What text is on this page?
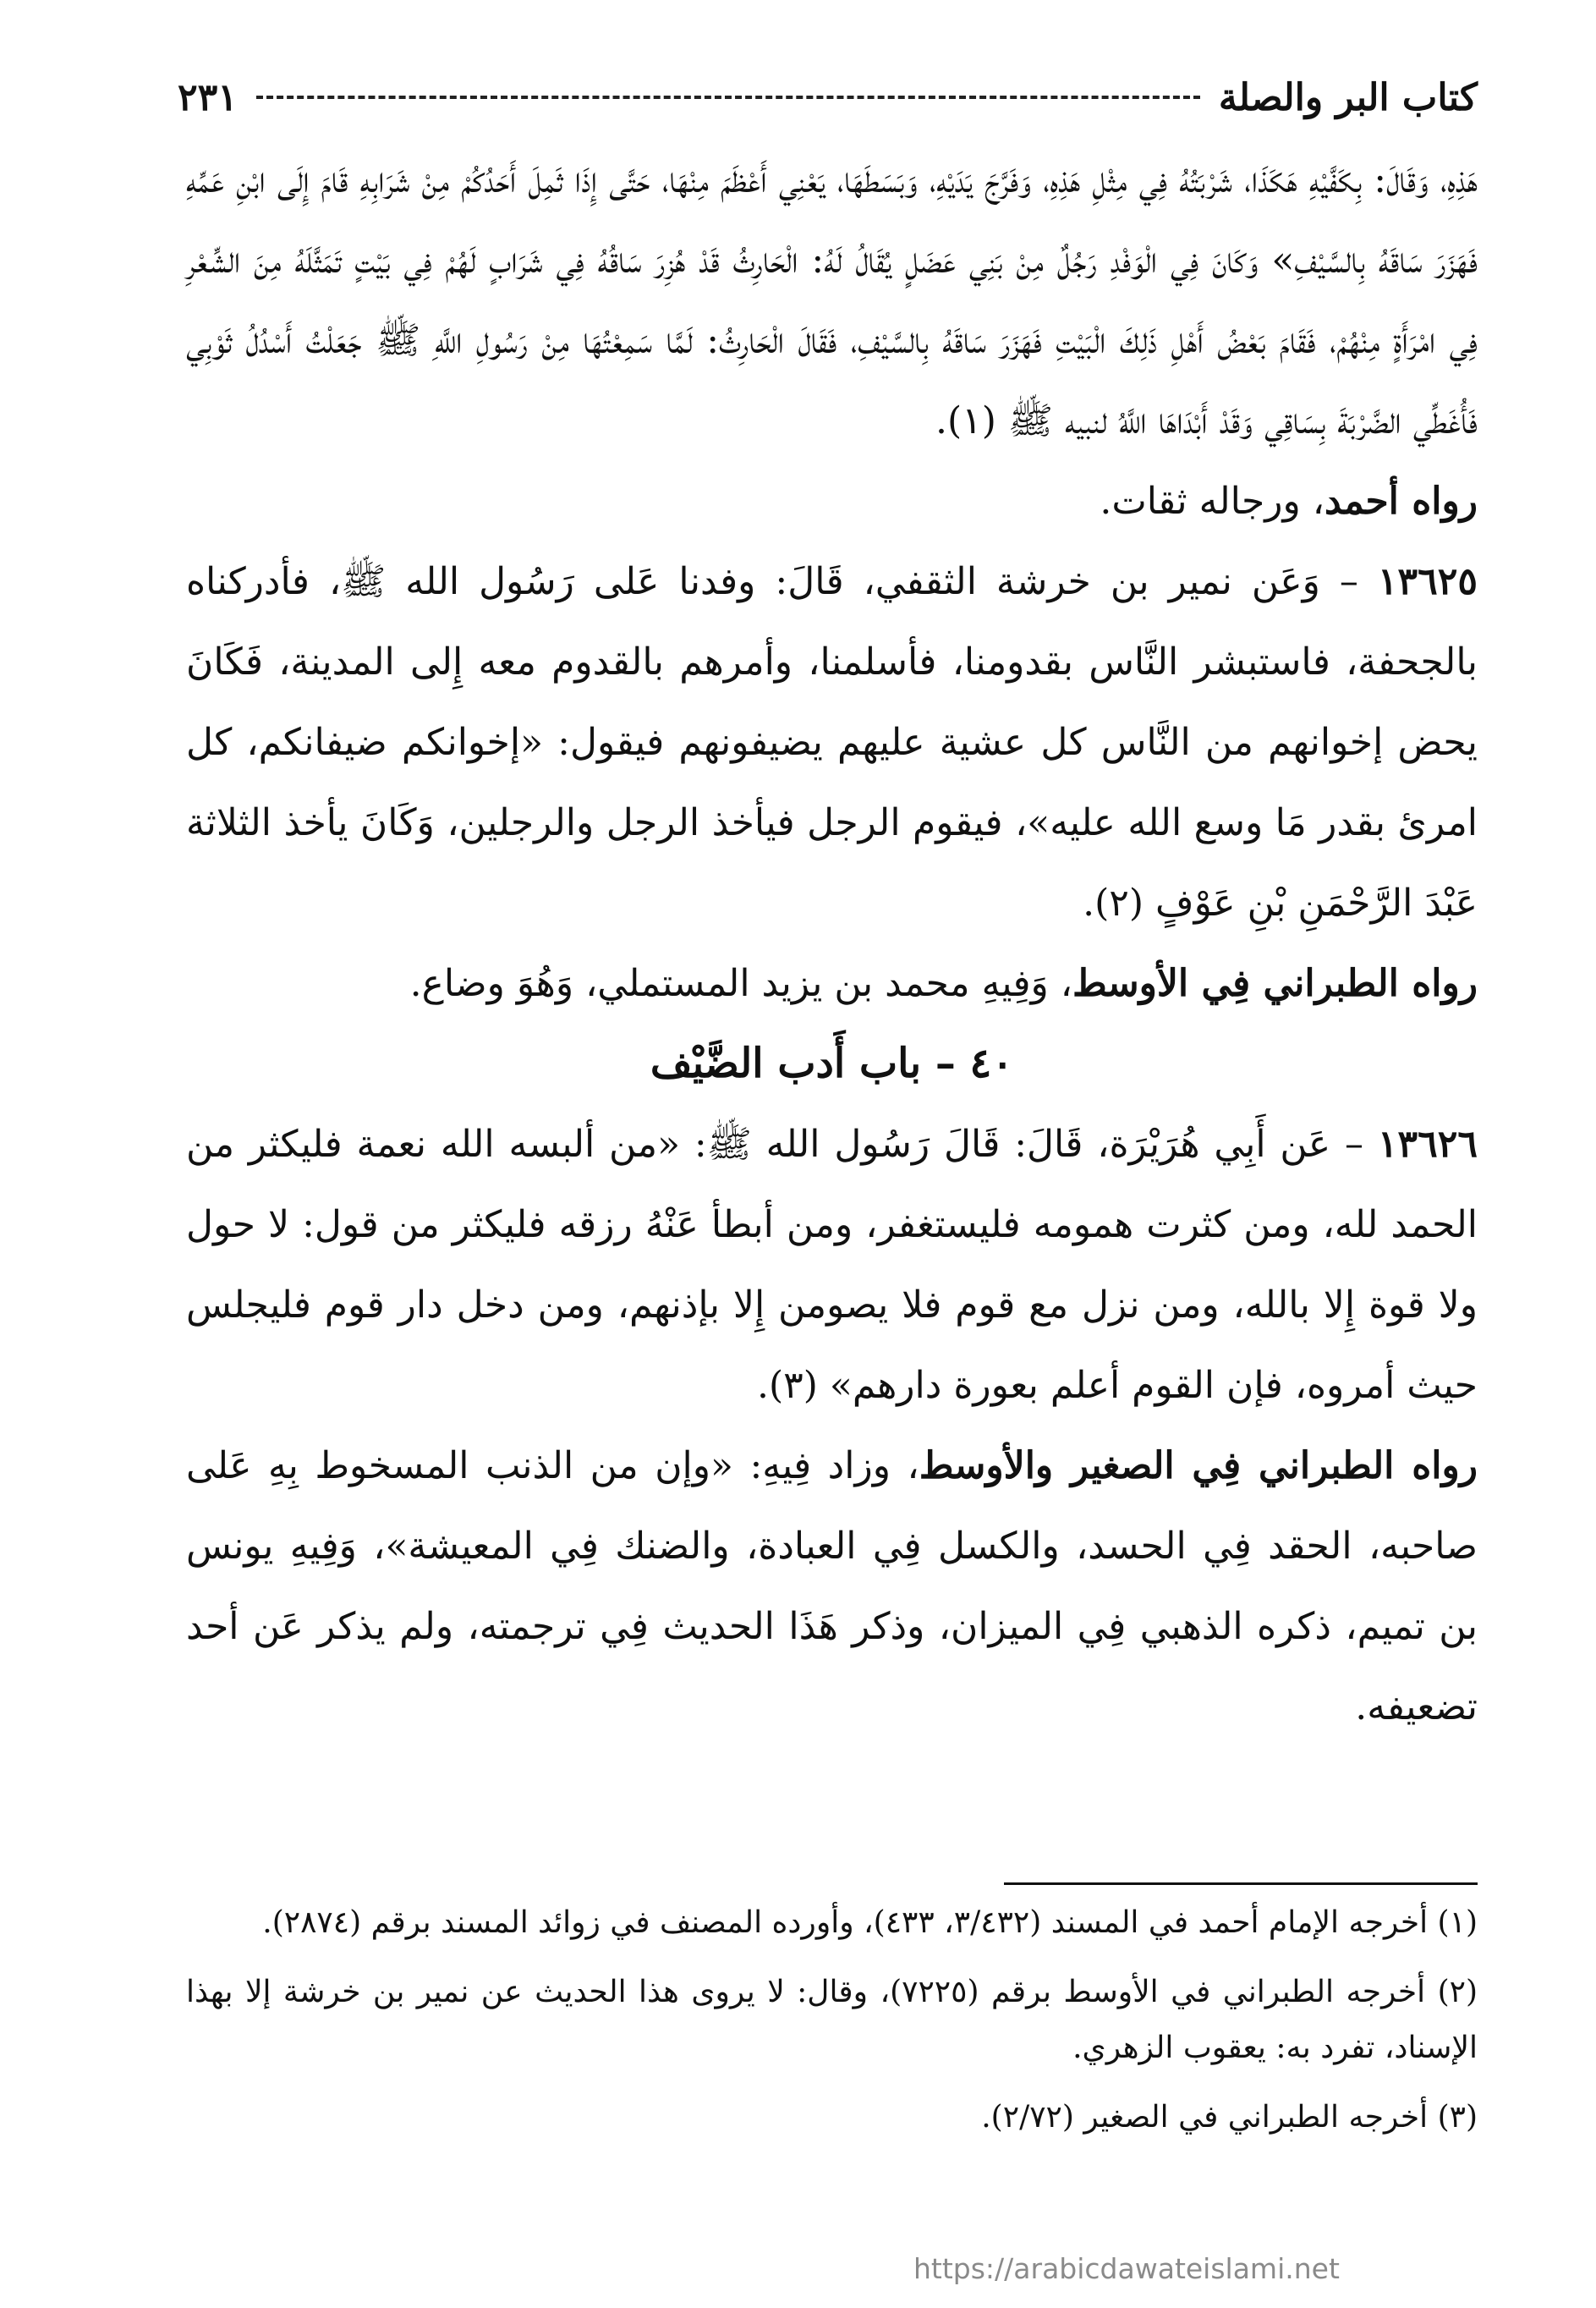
كتاب البر والصلة
٢٣١

هَذِهِ، وَقَالَ: بِكَفَّيْهِ هَكَذَا، شَرْبَتُهُ فِي مِثْلِ هَذِهِ، وَفَرَّجَ يَدَيْهِ، وَبَسَطَهَا، يَعْنِي أَعْظَمَ مِنْهَا، حَتَّى إِذَا ثَمِلَ أَحَدُكُمْ مِنْ شَرَابِهِ قَامَ إِلَى ابْنِ عَمِّهِ فَهَزَرَ سَاقَهُ بِالسَّيْفِ» وَكَانَ فِي الْوَفْدِ رَجُلٌ مِنْ بَنِي عَضَلٍ يُقَالُ لَهُ: الْحَارِثُ قَدْ هُزِرَ سَاقُهُ فِي شَرَابٍ لَهُمْ فِي بَيْتٍ تَمَثَّلَهُ مِنَ الشِّعْرِ فِي امْرَأَةٍ مِنْهُمْ، فَقَامَ بَعْضُ أَهْلِ ذَلِكَ الْبَيْتِ فَهَزَرَ سَاقَهُ بِالسَّيْفِ، فَقَالَ الْحَارِثُ: لَمَّا سَمِعْتُهَا مِنْ رَسُولِ اللَّهِ ﷺ جَعَلْتُ أَسْدُلُ ثَوْبِي فَأُغَطِّي الضَّرْبَةَ بِسَاقِي وَقَدْ أَبْدَاهَا اللَّهُ لنبيه ﷺ (١).

رواه أحمد، ورجاله ثقات.

١٣٦٢٥ – وَعَن نمير بن خرشة الثقفي، قَالَ: وفدنا عَلى رَسُول الله ﷺ، فأدركناه بالجحفة، فاستبشر النَّاس بقدومنا، فأسلمنا، وأمرهم بالقدوم معه إِلى المدينة، فَكَانَ يحض إخوانهم من النَّاس كل عشية عليهم يضيفونهم فيقول: «إخوانكم ضيفانكم، كل امرئ بقدر مَا وسع الله عليه»، فيقوم الرجل فيأخذ الرجل والرجلين، وَكَانَ يأخذ الثلاثة عَبْدَ الرَّحْمَنِ بْنِ عَوْفٍ (٢).

رواه الطبراني فِي الأوسط، وَفِيهِ محمد بن يزيد المستملي، وَهُوَ وضاع.

٤٠ – باب أَدب الضَّيْف

١٣٦٢٦ – عَن أَبِي هُرَيْرَة، قَالَ: قَالَ رَسُول الله ﷺ: «من ألبسه الله نعمة فليكثر من الحمد لله، ومن كثرت همومه فليستغفر، ومن أبطأ عَنْهُ رزقه فليكثر من قول: لا حول ولا قوة إِلا بالله، ومن نزل مع قوم فلا يصومن إِلا بإذنهم، ومن دخل دار قوم فليجلس حيث أمروه، فإن القوم أعلم بعورة دارهم» (٣).

رواه الطبراني فِي الصغير والأوسط، وزاد فِيهِ: «وإن من الذنب المسخوط بِهِ عَلى صاحبه، الحقد فِي الحسد، والكسل فِي العبادة، والضنك فِي المعيشة»، وَفِيهِ يونس بن تميم، ذكره الذهبي فِي الميزان، وذكر هَذَا الحديث فِي ترجمته، ولم يذكر عَن أحد تضعيفه.

(١) أخرجه الإمام أحمد في المسند (٣/٤٣٢، ٤٣٣)، وأورده المصنف في زوائد المسند برقم (٢٨٧٤).

(٢) أخرجه الطبراني في الأوسط برقم (٧٢٢٥)، وقال: لا يروى هذا الحديث عن نمير بن خرشة إلا بهذا الإسناد، تفرد به: يعقوب الزهري.

(٣) أخرجه الطبراني في الصغير (٢/٧٢).

https://arabicdawateislami.net
